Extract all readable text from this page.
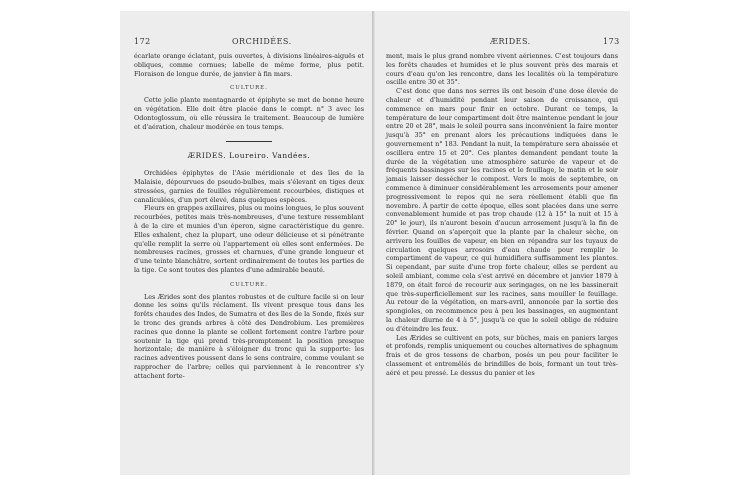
172	ORCHIDÉES.

écarlate orange éclatant, puis ouvertes, à divisions linéaires-aiguës et obliques, comme cornues; labelle de même forme, plus petit. Floraison de longue durée, de janvier à fin mars.

CULTURE.

Cette jolie plante mentagnarde et épiphyte se met de bonne heure en végétation. Elle doit être placée dans le compt. n° 3 avec les Odontoglossum, où elle réussira le traitement. Beaucoup de lumière et d'aération, chaleur modérée en tous temps.

ÆRIDES. Loureiro. Vandées.

Orchidées épiphytes de l'Asie méridionale et des îles de la Malaisie, dépourvues de pseudo-bulbes, mais s'élevant en tiges deux stressées, garnies de feuilles régulièrement recourbées, distiques et canaliculées, d'un port élevé, dans quelques espèces.

Fleurs en grappes axillaires, plus ou moins longues, le plus souvent recourbées, petites mais très-nombreuses, d'une texture ressemblant à de la cire et munies d'un éperon, signe caractéristique du genre. Elles exhalent, chez la plupart, une odeur délicieuse et si pénétrante qu'elle remplit la serre où l'appartement où elles sont enfermées. De nombreuses racines, grosses et charnues, d'une grande longueur et d'une teinte blanchâtre, sortent ordinairement de toutes les parties de la tige. Ce sont toutes des plantes d'une admirable beauté.

CULTURE.

Les Ærides sont des plantes robustes et de culture facile si on leur donne les soins qu'ils réclament. Ils vivent presque tous dans les forêts chaudes des Indes, de Sumatra et des îles de la Sonde, fixés sur le tronc des grands arbres à côté des Dendrobium. Les premières racines que donne la plante se collent fortement contre l'arbre pour soutenir la tige qui prend très-promptement la position presque horizontale; de manière à s'éloigner du tronc qui la supporte: les racines adventives poussent dans le sens contraire, comme voulant se rapprocher de l'arbre; celles qui parviennent à le rencontrer s'y attachent forte-

ÆRIDES.	173

ment, mais le plus grand nombre vivent aériennes. C'est toujours dans les forêts chaudes et humides et le plus souvent près des marais et cours d'eau qu'on les rencontre, dans les localités où la température oscille entre 30 et 35°.

C'est donc que dans nos serres ils ont besoin d'une dose élevée de chaleur et d'humidité pendant leur saison de croissance, qui commence en mars pour finir en octobre. Durant ce temps, la température de leur compartiment doit être maintenue pendant le jour entre 20 et 28°, mais le soleil pourra sans inconvénient la faire monter jusqu'à 35° en prenant alors les précautions indiquées dans le gouvernement n° 183. Pendant la nuit, la température sera abaissée et oscillera entre 15 et 20°. Ces plantes demandent pendant toute la durée de la végétation une atmosphère saturée de vapeur et de fréquents bassinages sur les racines et le feuillage, le matin et le soir jamais laisser dessécher le compost. Vers le mois de septembre, on commence à diminuer considérablement les arrosements pour amener progressivement le repos qui ne sera réellement établi que fin novembre. À partir de cette époque, elles sont placées dans une serre convenablement humide et pas trop chaude (12 à 15° la nuit et 15 à 20° le jour), ils n'auront besoin d'aucun arrosement jusqu'à la fin de février. Quand on s'aperçoit que la plante par la chaleur sèche, on arrivera les fouilles de vapeur, en bien en répandra sur les tuyaux de circulation quelques arrosoirs d'eau chaude pour remplir le compartiment de vapeur, ce qui humidifiera suffisamment les plantes. Si cependant, par suite d'une trop forte chaleur, elles se perdent au soleil ambiant, comme cela s'est arrivé en décembre et janvier 1879 à 1879, on était forcé de recourir aux seringages, on ne les bassinerait que très-superficiellement sur les racines, sans mouiller le feuillage. Au retour de la végétation, en mars-avril, annoncée par la sortie des spongioles, on recommence peu à peu les bassinages, en augmentant la chaleur diurne de 4 à 5°, jusqu'à ce que le soleil oblige de réduire ou d'éteindre les feux.

Les Ærides se cultivent en pots, sur bûches, mais en paniers larges et profonds, remplis uniquement ou couches alternatives de sphagnum frais et de gros tessons de charbon, posés un peu pour faciliter le classement et entremêlés de brindilles de bois, formant un tout très-aéré et peu pressé. Le dessus du panier et les
